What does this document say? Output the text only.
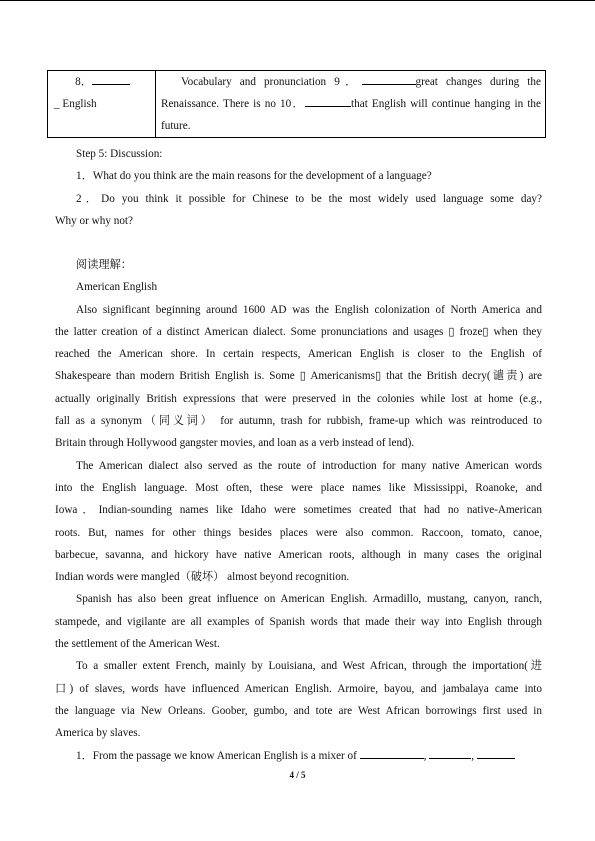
8．
_ English

Vocabulary and pronunciation 9．	great changes during the
Renaissance. There is no 10．	that English will continue hanging in the
future.
Step 5: Discussion:
1．What do you think are the main reasons for the development of a language?
2．Do you think it possible for Chinese to be the most widely used language some day?
Why or why not?
阅读理解：
American English
Also significant beginning around 1600 AD was the English colonization of North America and
the latter creation of a distinct American dialect. Some pronunciations and usages ▯ froze▯ when they
reached the American shore. In certain respects, American English is closer to the English of
Shakespeare than modern British English is. Some ▯ Americanisms▯ that the British decry(谴责) are
actually originally British expressions that were preserved in the colonies while lost at home (e.g.,
fall as a synonym（同义词） for autumn, trash for rubbish, frame-up which was reintroduced to
Britain through Hollywood gangster movies, and loan as a verb instead of lend).
The American dialect also served as the route of introduction for many native American words
into the English language. Most often, these were place names like Mississippi, Roanoke, and
Iowa．Indian-sounding names like Idaho were sometimes created that had no native-American
roots. But, names for other things besides places were also common. Raccoon, tomato, canoe,
barbecue, savanna, and hickory have native American roots, although in many cases the original
Indian words were mangled（破坏） almost beyond recognition.
Spanish has also been great influence on American English. Armadillo, mustang, canyon, ranch,
stampede, and vigilante are all examples of Spanish words that made their way into English through
the settlement of the American West.
To a smaller extent French, mainly by Louisiana, and West African, through the importation(进
口) of slaves, words have influenced American English. Armoire, bayou, and jambalaya came into
the language via New Orleans. Goober, gumbo, and tote are West African borrowings first used in
America by slaves.
1．From the passage we know American English is a mixer of	,	,
4 / 5
